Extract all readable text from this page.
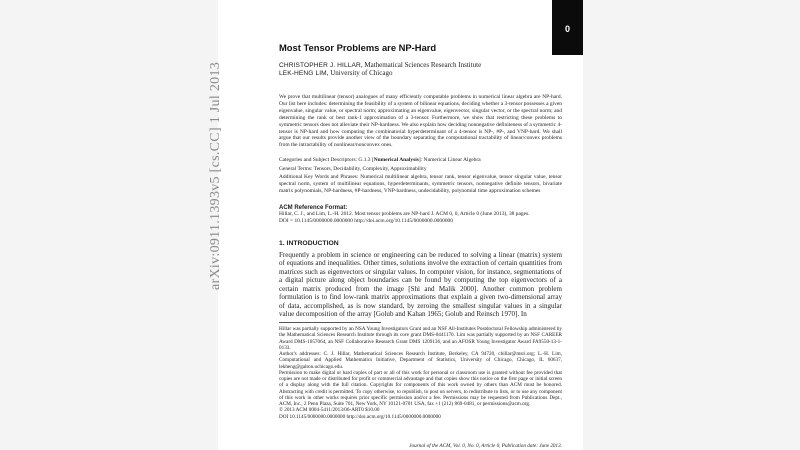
Most Tensor Problems are NP-Hard
CHRISTOPHER J. HILLAR, Mathematical Sciences Research Institute
LEK-HENG LIM, University of Chicago

We prove that multilinear (tensor) analogues of many efficiently computable problems in numerical linear algebra are NP-hard. Our list here includes: determining the feasibility of a system of bilinear equations, deciding whether a 3-tensor possesses a given eigenvalue, singular value, or spectral norm; approximating an eigenvalue, eigenvector, singular vector, or the spectral norm; and determining the rank or best rank-1 approximation of a 3-tensor. Furthermore, we show that restricting these problems to symmetric tensors does not alleviate their NP-hardness. We also explain how deciding nonnegative definiteness of a symmetric 4-tensor is NP-hard and how computing the combinatorial hyperdeterminant of a 4-tensor is NP-, #P-, and VNP-hard. We shall argue that our results provide another view of the boundary separating the computational tractability of linear/convex problems from the intractability of nonlinear/nonconvex ones.

Categories and Subject Descriptors: G.1.3 [Numerical Analysis]: Numerical Linear Algebra

General Terms: Tensors, Decidability, Complexity, Approximability

Additional Key Words and Phrases: Numerical multilinear algebra, tensor rank, tensor eigenvalue, tensor singular value, tensor spectral norm, system of multilinear equations, hyperdeterminants, symmetric tensors, nonnegative definite tensors, bivariate matrix polynomials, NP-hardness, #P-hardness, VNP-hardness, undecidability, polynomial time approximation schemes

ACM Reference Format:

Hillar, C. J., and Lim, L.-H. 2012. Most tensor problems are NP-hard J. ACM 0, 0, Article 0 (June 2013), 38 pages.

DOI = 10.1145/0000000.0000000 http://doi.acm.org/10.1145/0000000.0000000

1. INTRODUCTION

Frequently a problem in science or engineering can be reduced to solving a linear (matrix) system of equations and inequalities. Other times, solutions involve the extraction of certain quantities from matrices such as eigenvectors or singular values. In computer vision, for instance, segmentations of a digital picture along object boundaries can be found by computing the top eigenvectors of a certain matrix produced from the image [Shi and Malik 2000]. Another common problem formulation is to find low-rank matrix approximations that explain a given two-dimensional array of data, accomplished, as is now standard, by zeroing the smallest singular values in a singular value decomposition of the array [Golub and Kahan 1965; Golub and Reinsch 1970]. In

Hillar was partially supported by an NSA Young Investigators Grant and an NSF All-Institutes Postdoctoral Fellowship administered by the Mathematical Sciences Research Institute through its core grant DMS-0441170. Lim was partially supported by an NSF CAREER Award DMS-1057064, an NSF Collaborative Research Grant DMS 1209136, and an AFOSR Young Investigator Award FA9550-13-1-0133.

Author's addresses: C. J. Hillar, Mathematical Sciences Research Institute, Berkeley, CA 94720, chillar@msri.org; L.-H. Lim, Computational and Applied Mathematics Initiative, Department of Statistics, University of Chicago, Chicago, IL 60637, lekheng@galton.uchicago.edu.

Permission to make digital or hard copies of part or all of this work for personal or classroom use is granted without fee provided that copies are not made or distributed for profit or commercial advantage and that copies show this notice on the first page or initial screen of a display along with the full citation. Copyrights for components of this work owned by others than ACM must be honored. Abstracting with credit is permitted. To copy otherwise, to republish, to post on servers, to redistribute to lists, or to use any component of this work in other works requires prior specific permission and/or a fee. Permissions may be requested from Publications Dept., ACM, Inc., 2 Penn Plaza, Suite 701, New York, NY 10121-0701 USA, fax +1 (212) 869-0481, or permissions@acm.org.

© 2013 ACM 0004-5411/2013/06-ART0 $10.00

DOI 10.1145/0000000.0000000 http://doi.acm.org/10.1145/0000000.0000000

Journal of the ACM, Vol. 0, No. 0, Article 0, Publication date: June 2013.
arXiv:0911.1393v5 [cs.CC] 1 Jul 2013
0
